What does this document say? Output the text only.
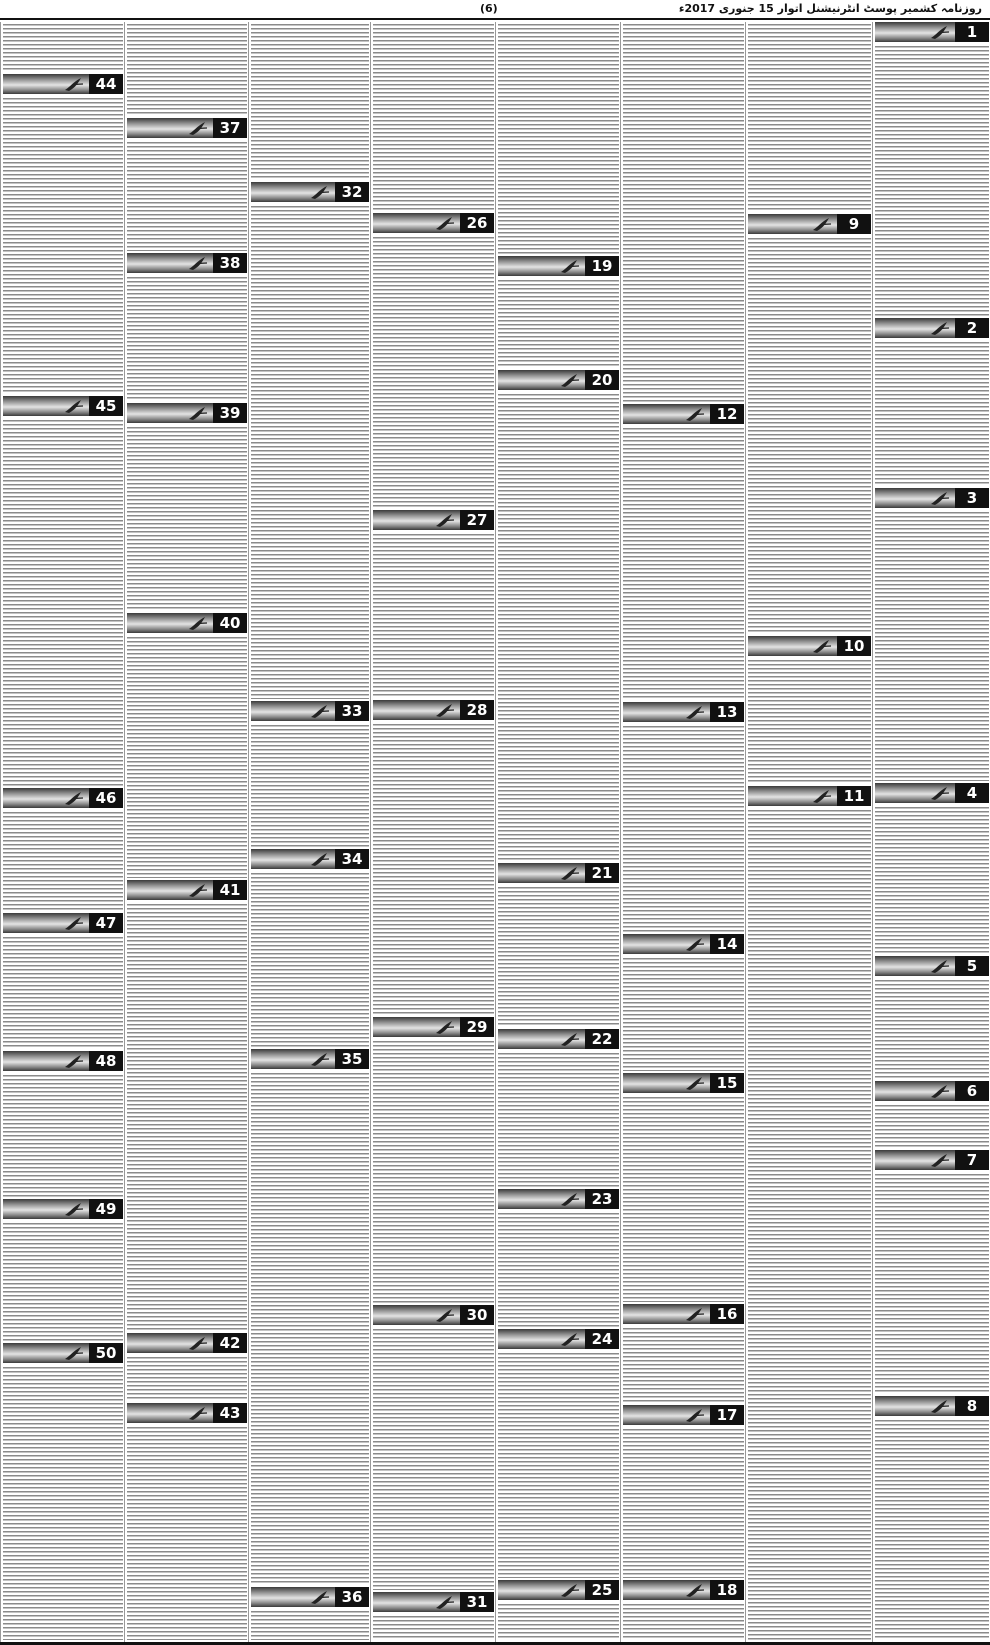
روزنامہ کشمیر پوسٹ انٹرنیشنل اتوار 15 جنوری 2017ء
(6)
1
2
3
4
5
6
7
8
9
10
11
12
13
14
15
16
17
18
19
20
21
22
23
24
25
26
27
28
29
30
31
32
33
34
35
36
37
38
39
40
41
42
43
44
45
46
47
48
49
50
